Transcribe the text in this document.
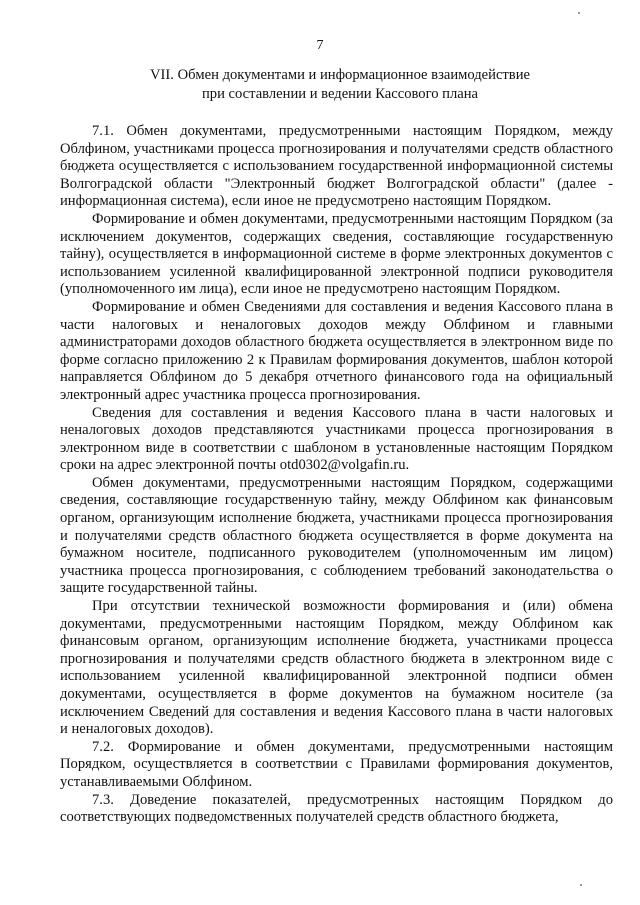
7
VII. Обмен документами и информационное взаимодействие
при составлении и ведении Кассового плана

7.1. Обмен документами, предусмотренными настоящим Порядком, между Облфином, участниками процесса прогнозирования и получателями средств областного бюджета осуществляется с использованием государственной информационной системы Волгоградской области "Электронный бюджет Волгоградской области" (далее - информационная система), если иное не предусмотрено настоящим Порядком.

Формирование и обмен документами, предусмотренными настоящим Порядком (за исключением документов, содержащих сведения, составляющие государственную тайну), осуществляется в информационной системе в форме электронных документов с использованием усиленной квалифицированной электронной подписи руководителя (уполномоченного им лица), если иное не предусмотрено настоящим Порядком.

Формирование и обмен Сведениями для составления и ведения Кассового плана в части налоговых и неналоговых доходов между Облфином и главными администраторами доходов областного бюджета осуществляется в электронном виде по форме согласно приложению 2 к Правилам формирования документов, шаблон которой направляется Облфином до 5 декабря отчетного финансового года на официальный электронный адрес участника процесса прогнозирования.

Сведения для составления и ведения Кассового плана в части налоговых и неналоговых доходов представляются участниками процесса прогнозирования в электронном виде в соответствии с шаблоном в установленные настоящим Порядком сроки на адрес электронной почты otd0302@volgafin.ru.

Обмен документами, предусмотренными настоящим Порядком, содержащими сведения, составляющие государственную тайну, между Облфином как финансовым органом, организующим исполнение бюджета, участниками процесса прогнозирования и получателями средств областного бюджета осуществляется в форме документа на бумажном носителе, подписанного руководителем (уполномоченным им лицом) участника процесса прогнозирования, с соблюдением требований законодательства о защите государственной тайны.

При отсутствии технической возможности формирования и (или) обмена документами, предусмотренными настоящим Порядком, между Облфином как финансовым органом, организующим исполнение бюджета, участниками процесса прогнозирования и получателями средств областного бюджета в электронном виде с использованием усиленной квалифицированной электронной подписи обмен документами, осуществляется в форме документов на бумажном носителе (за исключением Сведений для составления и ведения Кассового плана в части налоговых и неналоговых доходов).

7.2. Формирование и обмен документами, предусмотренными настоящим Порядком, осуществляется в соответствии с Правилами формирования документов, устанавливаемыми Облфином.

7.3. Доведение показателей, предусмотренных настоящим Порядком до соответствующих подведомственных получателей средств областного бюджета,
